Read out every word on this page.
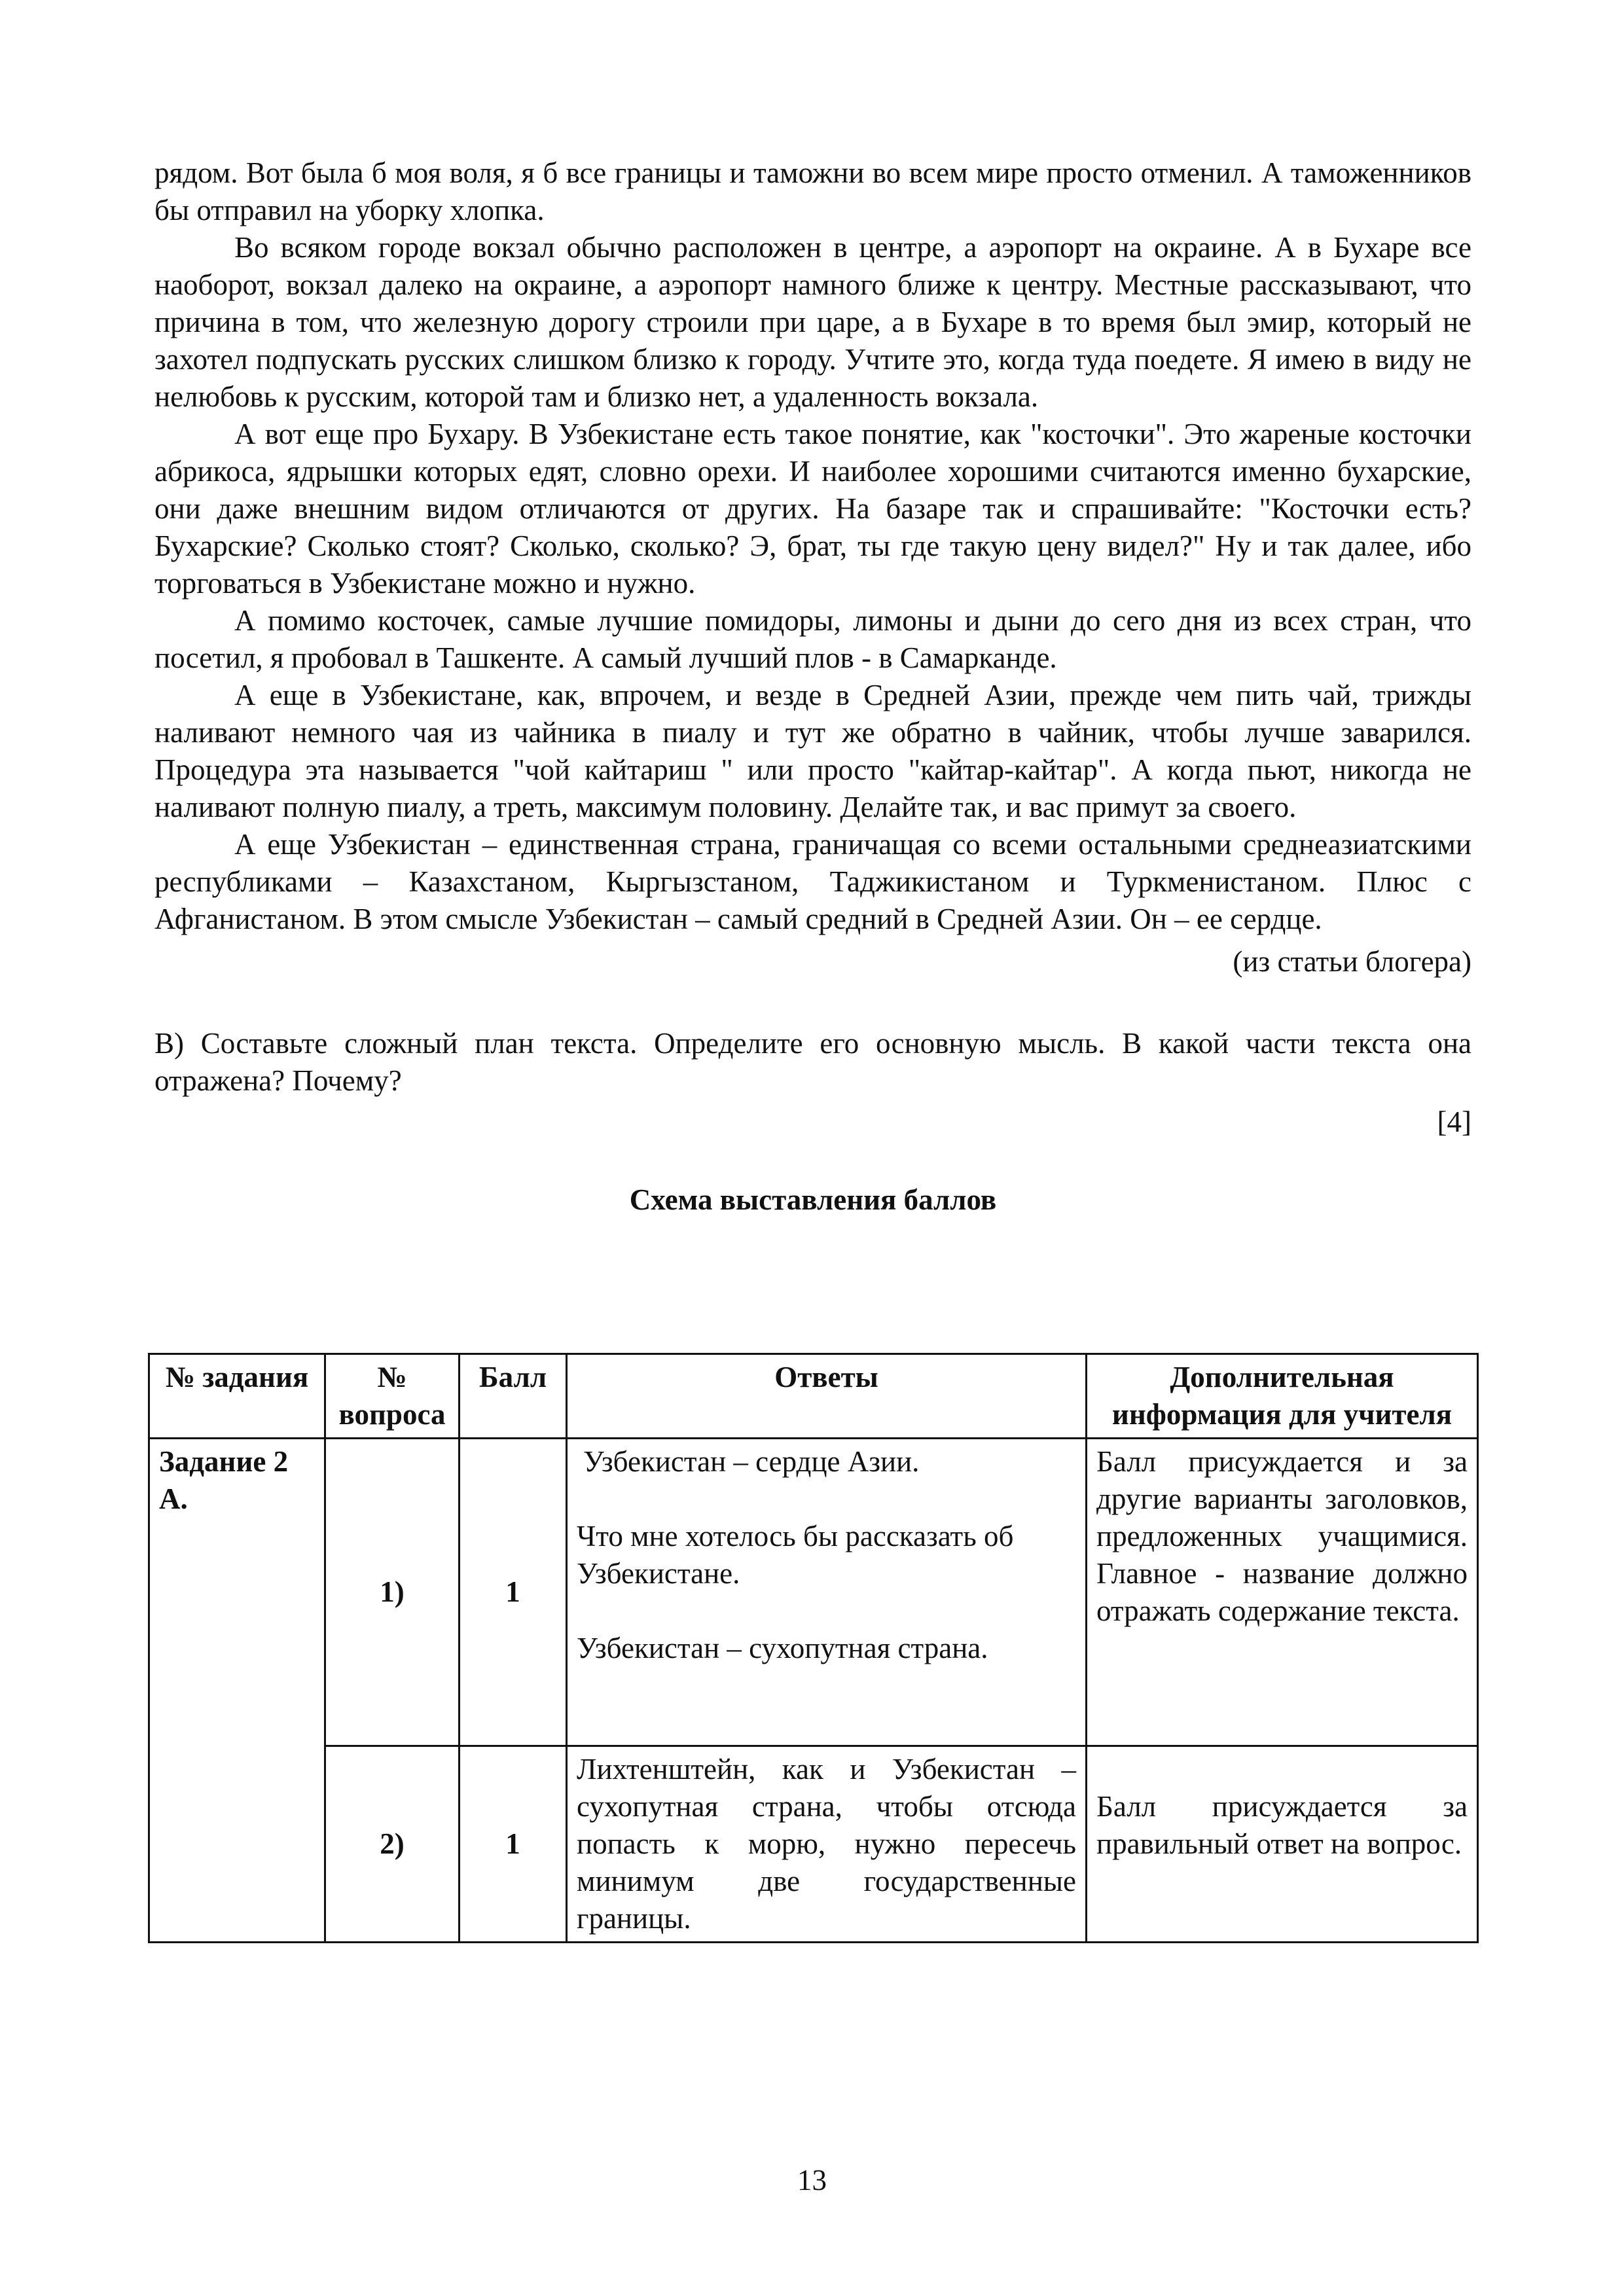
рядом. Вот была б моя воля, я б все границы и таможни во всем мире просто отменил. А таможенников бы отправил на уборку хлопка.

Во всяком городе вокзал обычно расположен в центре, а аэропорт на окраине. А в Бухаре все наоборот, вокзал далеко на окраине, а аэропорт намного ближе к центру. Местные рассказывают, что причина в том, что железную дорогу строили при царе, а в Бухаре в то время был эмир, который не захотел подпускать русских слишком близко к городу. Учтите это, когда туда поедете. Я имею в виду не нелюбовь к русским, которой там и близко нет, а удаленность вокзала.

А вот еще про Бухару. В Узбекистане есть такое понятие, как "косточки". Это жареные косточки абрикоса, ядрышки которых едят, словно орехи. И наиболее хорошими считаются именно бухарские, они даже внешним видом отличаются от других. На базаре так и спрашивайте: "Косточки есть? Бухарские? Сколько стоят? Сколько, сколько? Э, брат, ты где такую цену видел?" Ну и так далее, ибо торговаться в Узбекистане можно и нужно.

А помимо косточек, самые лучшие помидоры, лимоны и дыни до сего дня из всех стран, что посетил, я пробовал в Ташкенте. А самый лучший плов - в Самарканде.

А еще в Узбекистане, как, впрочем, и везде в Средней Азии, прежде чем пить чай, трижды наливают немного чая из чайника в пиалу и тут же обратно в чайник, чтобы лучше заварился. Процедура эта называется "чой кайтариш " или просто "кайтар-кайтар". А когда пьют, никогда не наливают полную пиалу, а треть, максимум половину. Делайте так, и вас примут за своего.

А еще Узбекистан – единственная страна, граничащая со всеми остальными среднеазиатскими республиками – Казахстаном, Кыргызстаном, Таджикистаном и Туркменистаном. Плюс с Афганистаном. В этом смысле Узбекистан – самый средний в Средней Азии. Он – ее сердце.

(из статьи блогера)

B) Составьте сложный план текста. Определите его основную мысль. В какой части текста она отражена? Почему?

[4]

Схема выставления баллов

№ задания	№ вопроса	Балл	Ответы	Дополнительная информация для учителя
Задание 2 А.	1)	1	Узбекистан – сердце Азии.
Что мне хотелось бы рассказать об Узбекистане.
Узбекистан – сухопутная страна.	Балл присуждается и за другие варианты заголовков, предложенных учащимися. Главное - название должно отражать содержание текста.
	2)	1	Лихтенштейн, как и Узбекистан – сухопутная страна, чтобы отсюда попасть к морю, нужно пересечь минимум две государственные границы.	Балл присуждается за правильный ответ на вопрос.
13
